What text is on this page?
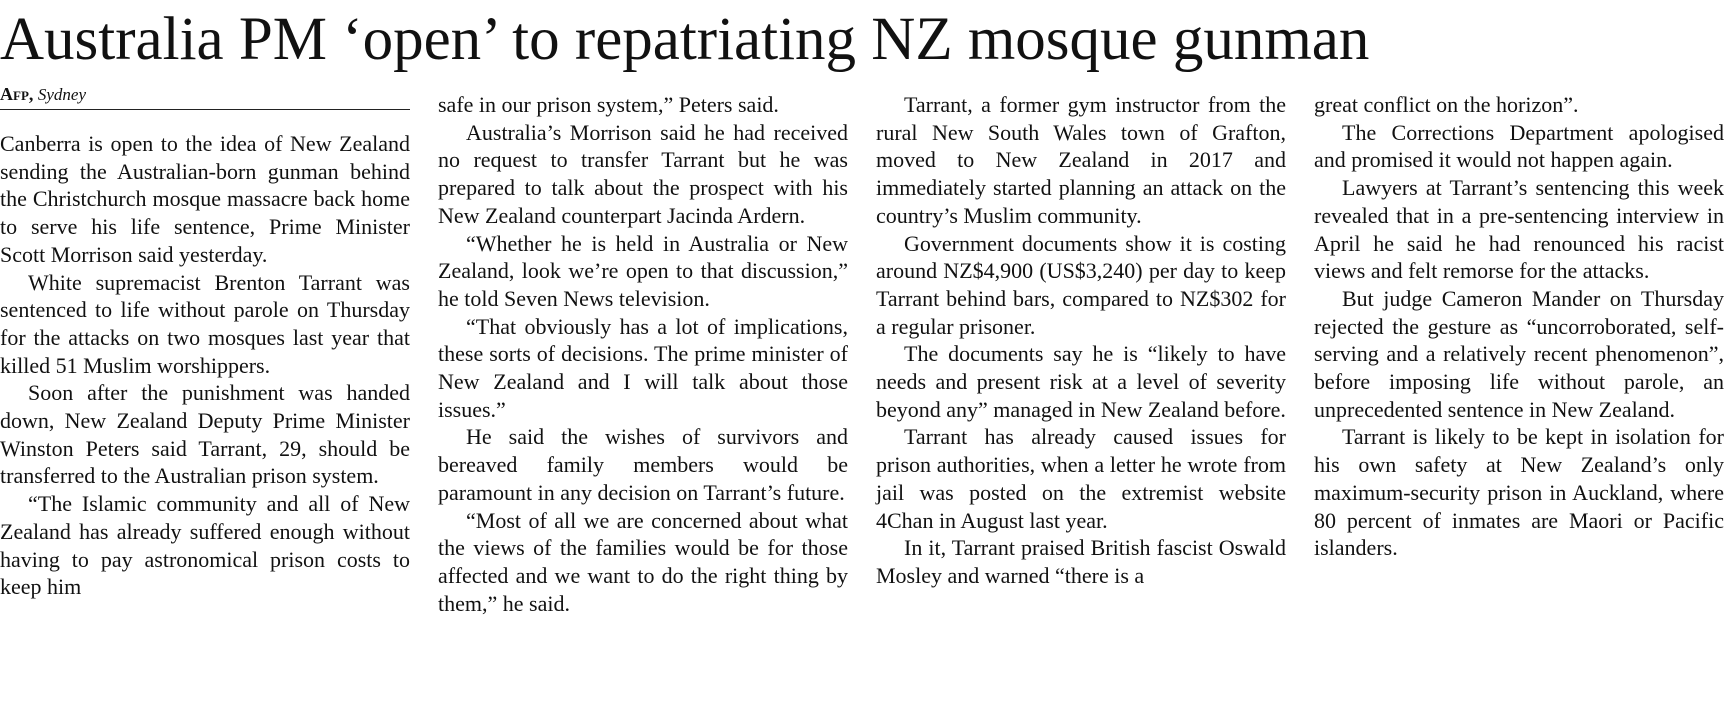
Australia PM ‘open’ to repatriating NZ mosque gunman
Afp, Sydney

Canberra is open to the idea of New Zealand sending the Australian-born gunman behind the Christchurch mosque massacre back home to serve his life sentence, Prime Minister Scott Morrison said yesterday.

White supremacist Brenton Tarrant was sentenced to life without parole on Thursday for the attacks on two mosques last year that killed 51 Muslim worshippers.

Soon after the punishment was handed down, New Zealand Deputy Prime Minister Winston Peters said Tarrant, 29, should be transferred to the Australian prison system.

“The Islamic community and all of New Zealand has already suffered enough without having to pay astronomical prison costs to keep him

safe in our prison system,” Peters said.

Australia’s Morrison said he had received no request to transfer Tarrant but he was prepared to talk about the prospect with his New Zealand counterpart Jacinda Ardern.

“Whether he is held in Australia or New Zealand, look we’re open to that discussion,” he told Seven News television.

“That obviously has a lot of implications, these sorts of decisions. The prime minister of New Zealand and I will talk about those issues.”

He said the wishes of survivors and bereaved family members would be paramount in any decision on Tarrant’s future.

“Most of all we are concerned about what the views of the families would be for those affected and we want to do the right thing by them,” he said.

Tarrant, a former gym instructor from the rural New South Wales town of Grafton, moved to New Zealand in 2017 and immediately started planning an attack on the country’s Muslim community.

Government documents show it is costing around NZ$4,900 (US$3,240) per day to keep Tarrant behind bars, compared to NZ$302 for a regular prisoner.

The documents say he is “likely to have needs and present risk at a level of severity beyond any” managed in New Zealand before.

Tarrant has already caused issues for prison authorities, when a letter he wrote from jail was posted on the extremist website 4Chan in August last year.

In it, Tarrant praised British fascist Oswald Mosley and warned “there is a

great conflict on the horizon”.

The Corrections Department apologised and promised it would not happen again.

Lawyers at Tarrant’s sentencing this week revealed that in a pre-sentencing interview in April he said he had renounced his racist views and felt remorse for the attacks.

But judge Cameron Mander on Thursday rejected the gesture as “uncorroborated, self-serving and a relatively recent phenomenon”, before imposing life without parole, an unprecedented sentence in New Zealand.

Tarrant is likely to be kept in isolation for his own safety at New Zealand’s only maximum-security prison in Auckland, where 80 percent of inmates are Maori or Pacific islanders.
